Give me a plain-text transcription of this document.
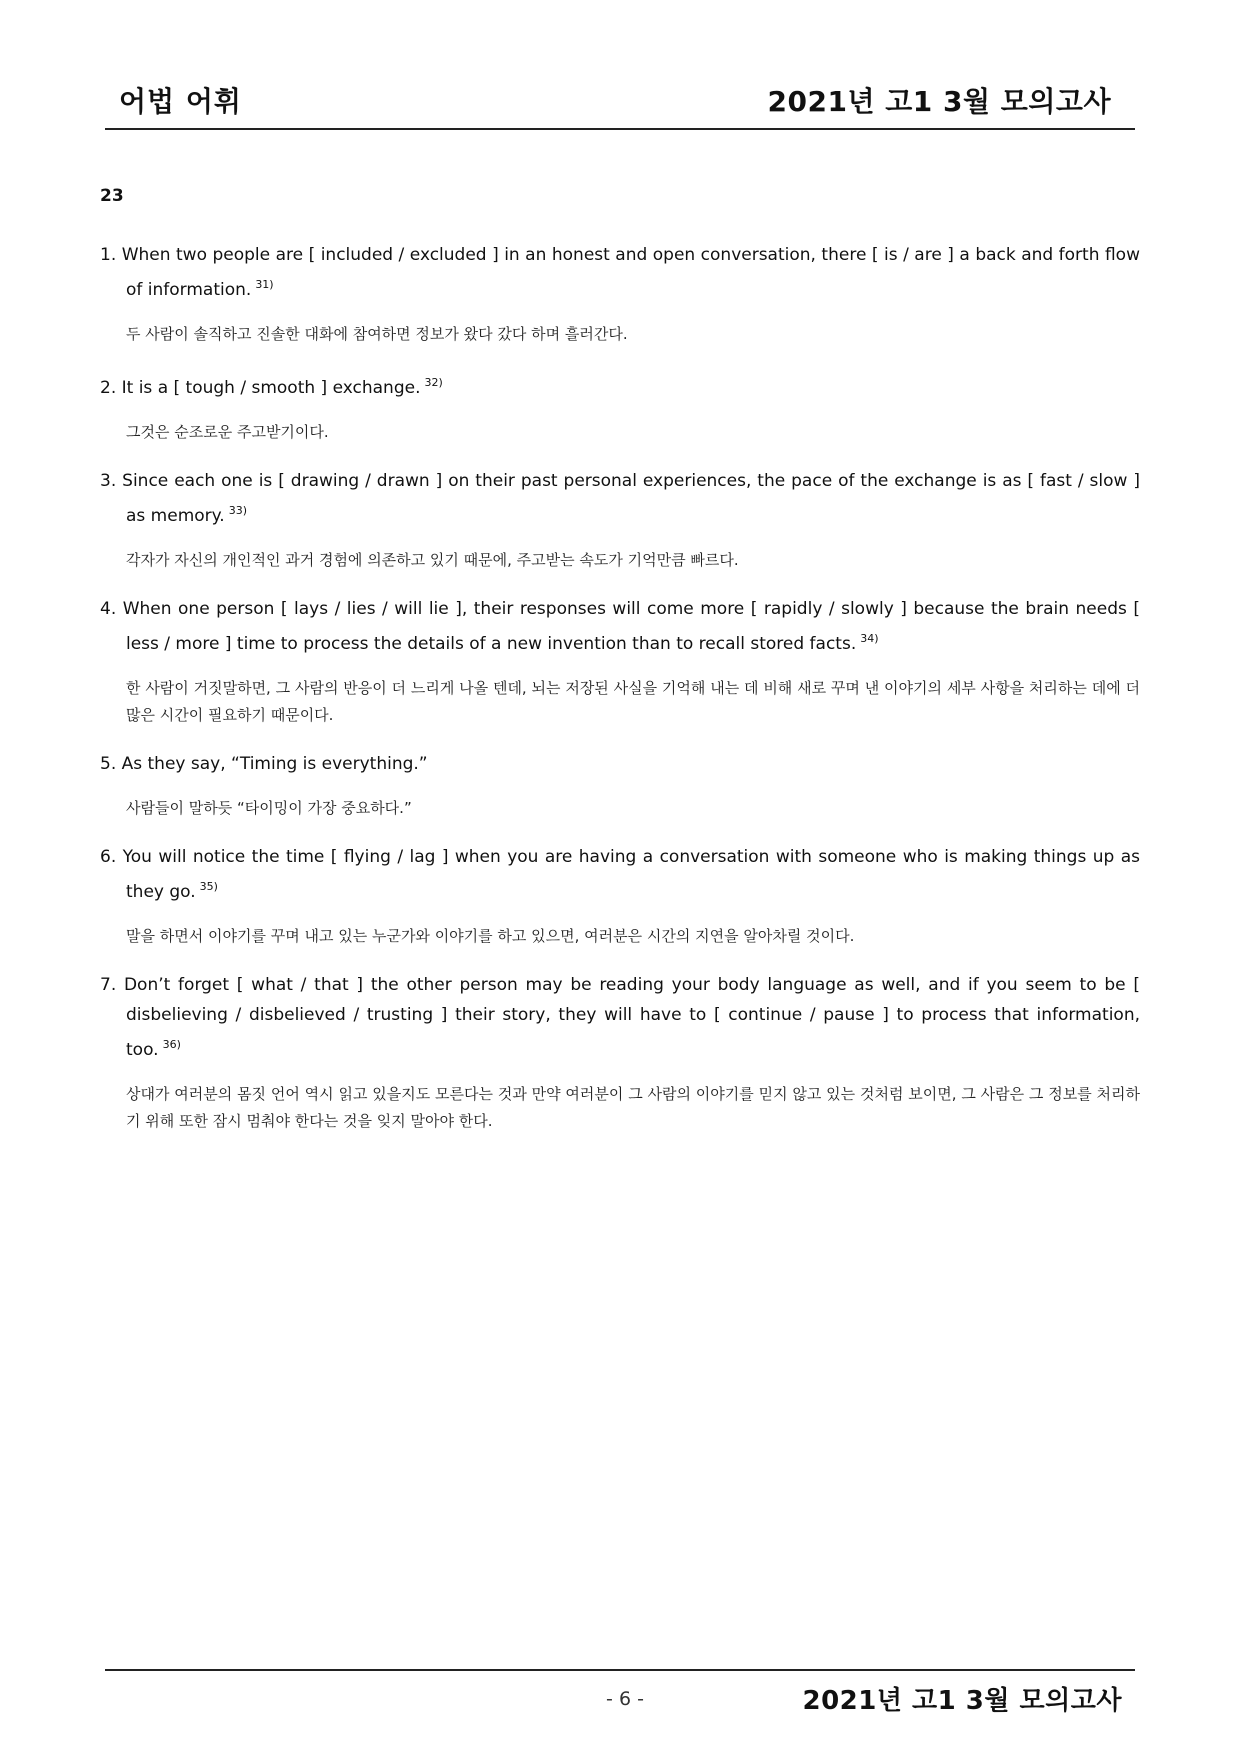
어법 어휘	2021년 고1 3월 모의고사
23
1. When two people are [ included / excluded ] in an honest and open conversation, there [ is / are ] a back and forth flow of information. $^{31)}$
두 사람이 솔직하고 진솔한 대화에 참여하면 정보가 왔다 갔다 하며 흘러간다.
2. It is a [ tough / smooth ] exchange. $^{32)}$
그것은 순조로운 주고받기이다.
3. Since each one is [ drawing / drawn ] on their past personal experiences, the pace of the exchange is as [ fast / slow ] as memory. $^{33)}$
각자가 자신의 개인적인 과거 경험에 의존하고 있기 때문에, 주고받는 속도가 기억만큼 빠르다.
4. When one person [ lays / lies / will lie ], their responses will come more [ rapidly / slowly ] because the brain needs [ less / more ] time to process the details of a new invention than to recall stored facts. $^{34)}$
한 사람이 거짓말하면, 그 사람의 반응이 더 느리게 나올 텐데, 뇌는 저장된 사실을 기억해 내는 데 비해 새로 꾸며 낸 이야기의 세부 사항을 처리하는 데에 더 많은 시간이 필요하기 때문이다.
5. As they say, “Timing is everything.”
사람들이 말하듯 “타이밍이 가장 중요하다.”
6. You will notice the time [ flying / lag ] when you are having a conversation with someone who is making things up as they go. $^{35)}$
말을 하면서 이야기를 꾸며 내고 있는 누군가와 이야기를 하고 있으면, 여러분은 시간의 지연을 알아차릴 것이다.
7. Don’t forget [ what / that ] the other person may be reading your body language as well, and if you seem to be [ disbelieving / disbelieved / trusting ] their story, they will have to [ continue / pause ] to process that information, too. $^{36)}$
상대가 여러분의 몸짓 언어 역시 읽고 있을지도 모른다는 것과 만약 여러분이 그 사람의 이야기를 믿지 않고 있는 것처럼 보이면, 그 사람은 그 정보를 처리하기 위해 또한 잠시 멈춰야 한다는 것을 잊지 말아야 한다.
- 6 -	2021년 고1 3월 모의고사
